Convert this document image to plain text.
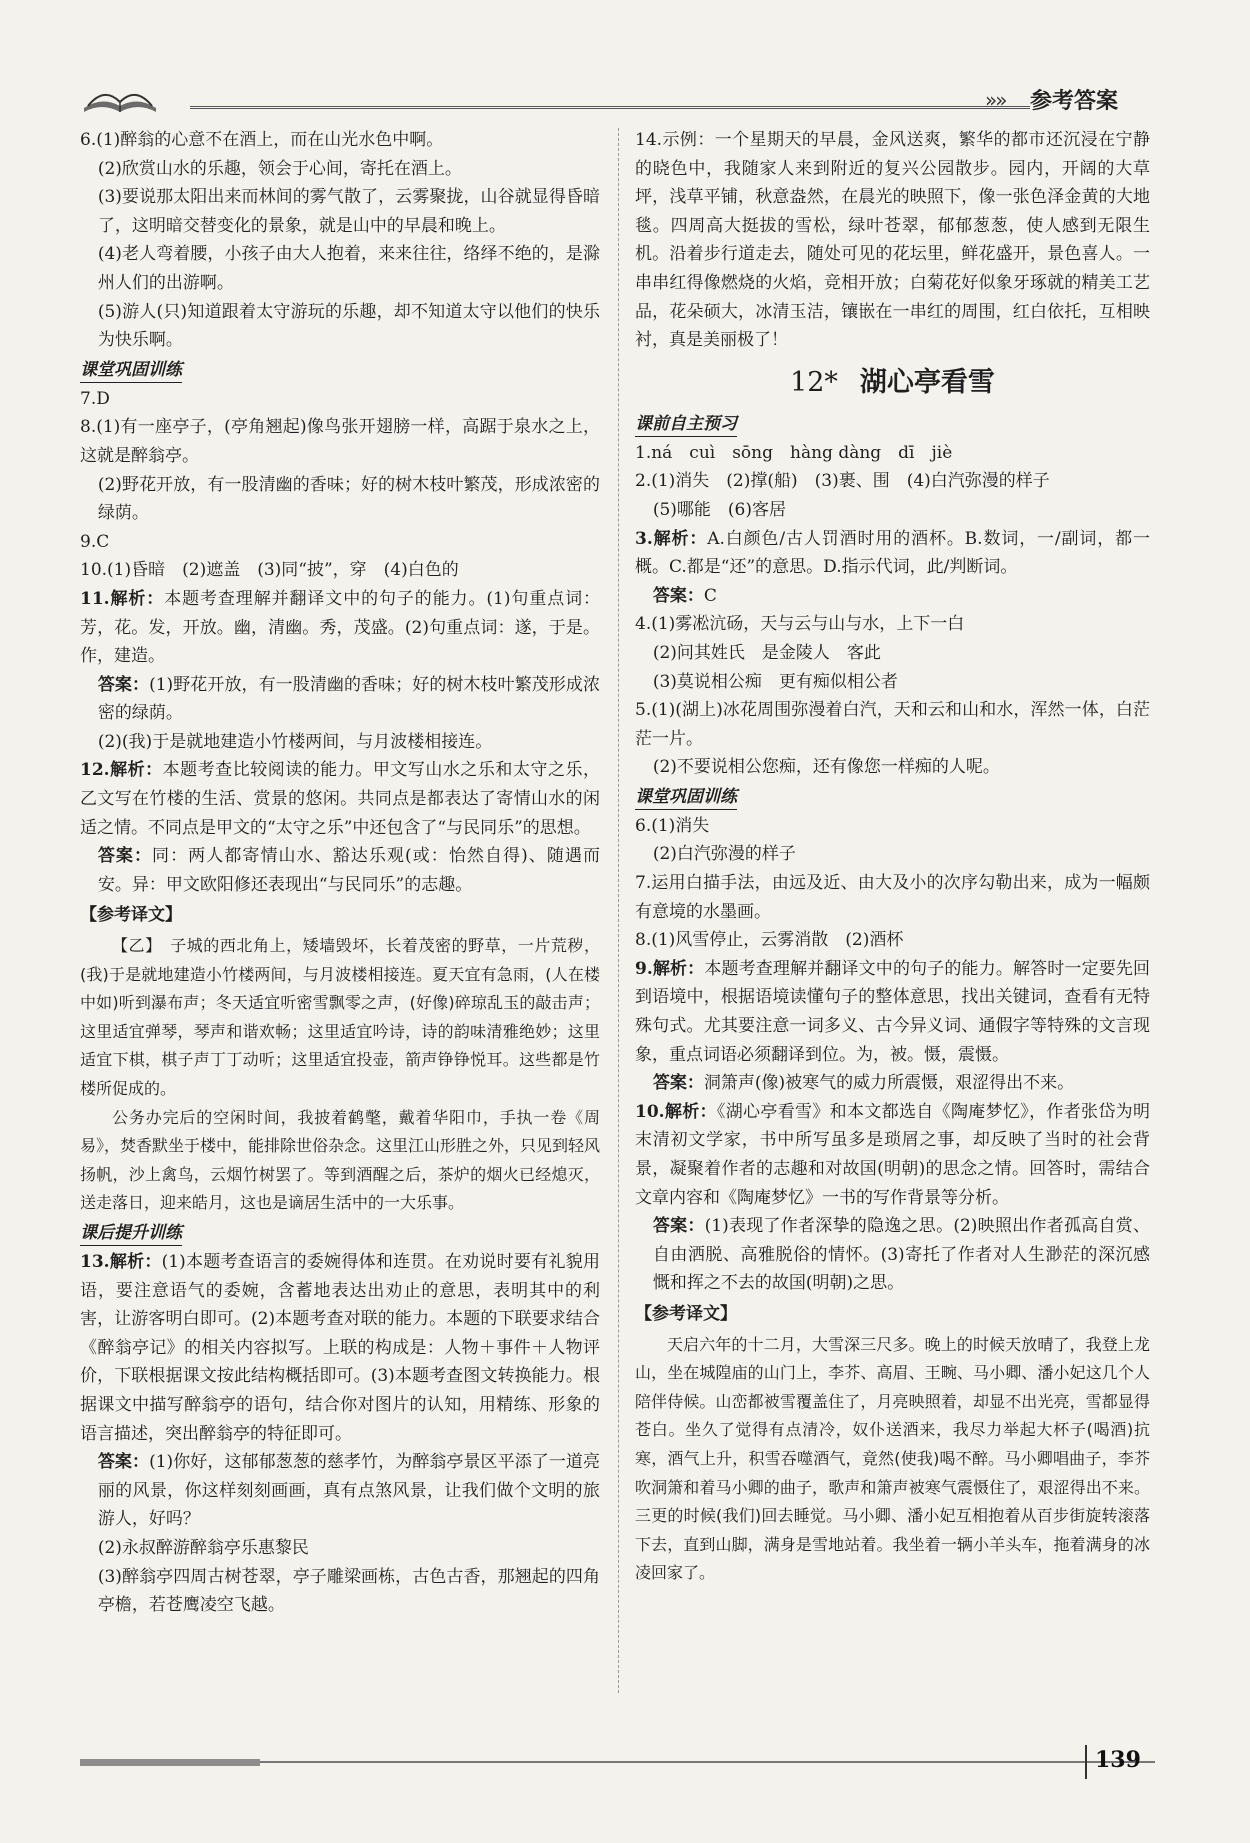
»» 参考答案

6.(1)醉翁的心意不在酒上，而在山光水色中啊。

(2)欣赏山水的乐趣，领会于心间，寄托在酒上。

(3)要说那太阳出来而林间的雾气散了，云雾聚拢，山谷就显得昏暗了，这明暗交替变化的景象，就是山中的早晨和晚上。

(4)老人弯着腰，小孩子由大人抱着，来来往往，络绎不绝的，是滁州人们的出游啊。

(5)游人(只)知道跟着太守游玩的乐趣，却不知道太守以他们的快乐为快乐啊。

课堂巩固训练

7.D

8.(1)有一座亭子，(亭角翘起)像鸟张开翅膀一样，高踞于泉水之上，这就是醉翁亭。

(2)野花开放，有一股清幽的香味；好的树木枝叶繁茂，形成浓密的绿荫。

9.C

10.(1)昏暗　(2)遮盖　(3)同“披”，穿　(4)白色的

11.解析：本题考查理解并翻译文中的句子的能力。(1)句重点词：芳，花。发，开放。幽，清幽。秀，茂盛。(2)句重点词：遂，于是。作，建造。

答案：(1)野花开放，有一股清幽的香味；好的树木枝叶繁茂形成浓密的绿荫。

(2)(我)于是就地建造小竹楼两间，与月波楼相接连。

12.解析：本题考查比较阅读的能力。甲文写山水之乐和太守之乐，乙文写在竹楼的生活、赏景的悠闲。共同点是都表达了寄情山水的闲适之情。不同点是甲文的“太守之乐”中还包含了“与民同乐”的思想。

答案：同：两人都寄情山水、豁达乐观(或：怡然自得)、随遇而安。异：甲文欧阳修还表现出“与民同乐”的志趣。

【参考译文】

【乙】　子城的西北角上，矮墙毁坏，长着茂密的野草，一片荒秽，(我)于是就地建造小竹楼两间，与月波楼相接连。夏天宜有急雨，(人在楼中如)听到瀑布声；冬天适宜听密雪飘零之声，(好像)碎琼乱玉的敲击声；这里适宜弹琴，琴声和谐欢畅；这里适宜吟诗，诗的韵味清雅绝妙；这里适宜下棋，棋子声丁丁动听；这里适宜投壶，箭声铮铮悦耳。这些都是竹楼所促成的。

公务办完后的空闲时间，我披着鹤氅，戴着华阳巾，手执一卷《周易》，焚香默坐于楼中，能排除世俗杂念。这里江山形胜之外，只见到轻风扬帆，沙上禽鸟，云烟竹树罢了。等到酒醒之后，茶炉的烟火已经熄灭，送走落日，迎来皓月，这也是谪居生活中的一大乐事。

课后提升训练

13.解析：(1)本题考查语言的委婉得体和连贯。在劝说时要有礼貌用语，要注意语气的委婉，含蓄地表达出劝止的意思，表明其中的利害，让游客明白即可。(2)本题考查对联的能力。本题的下联要求结合《醉翁亭记》的相关内容拟写。上联的构成是：人物＋事件＋人物评价，下联根据课文按此结构概括即可。(3)本题考查图文转换能力。根据课文中描写醉翁亭的语句，结合你对图片的认知，用精练、形象的语言描述，突出醉翁亭的特征即可。

答案：(1)你好，这郁郁葱葱的慈孝竹，为醉翁亭景区平添了一道亮丽的风景，你这样刻刻画画，真有点煞风景，让我们做个文明的旅游人，好吗？

(2)永叔醉游醉翁亭乐惠黎民

(3)醉翁亭四周古树苍翠，亭子雕梁画栋，古色古香，那翘起的四角亭檐，若苍鹰凌空飞越。

14.示例：一个星期天的早晨，金风送爽，繁华的都市还沉浸在宁静的晓色中，我随家人来到附近的复兴公园散步。园内，开阔的大草坪，浅草平铺，秋意盎然，在晨光的映照下，像一张色泽金黄的大地毯。四周高大挺拔的雪松，绿叶苍翠，郁郁葱葱，使人感到无限生机。沿着步行道走去，随处可见的花坛里，鲜花盛开，景色喜人。一串串红得像燃烧的火焰，竞相开放；白菊花好似象牙琢就的精美工艺品，花朵硕大，冰清玉洁，镶嵌在一串红的周围，红白依托，互相映衬，真是美丽极了！

12* 湖心亭看雪
课前自主预习

1.ná　cuì　sōng　hàng dàng　dī　jiè

2.(1)消失　(2)撑(船)　(3)裹、围　(4)白汽弥漫的样子

(5)哪能　(6)客居

3.解析：A.白颜色/古人罚酒时用的酒杯。B.数词，一/副词，都一概。C.都是“还”的意思。D.指示代词，此/判断词。

答案：C

4.(1)雾凇沆砀，天与云与山与水，上下一白

(2)问其姓氏　是金陵人　客此

(3)莫说相公痴　更有痴似相公者

5.(1)(湖上)冰花周围弥漫着白汽，天和云和山和水，浑然一体，白茫茫一片。

(2)不要说相公您痴，还有像您一样痴的人呢。

课堂巩固训练

6.(1)消失

(2)白汽弥漫的样子

7.运用白描手法，由远及近、由大及小的次序勾勒出来，成为一幅颇有意境的水墨画。

8.(1)风雪停止，云雾消散　(2)酒杯

9.解析：本题考查理解并翻译文中的句子的能力。解答时一定要先回到语境中，根据语境读懂句子的整体意思，找出关键词，查看有无特殊句式。尤其要注意一词多义、古今异义词、通假字等特殊的文言现象，重点词语必须翻译到位。为，被。慑，震慑。

答案：洞箫声(像)被寒气的威力所震慑，艰涩得出不来。

10.解析：《湖心亭看雪》和本文都选自《陶庵梦忆》，作者张岱为明末清初文学家，书中所写虽多是琐屑之事，却反映了当时的社会背景，凝聚着作者的志趣和对故国(明朝)的思念之情。回答时，需结合文章内容和《陶庵梦忆》一书的写作背景等分析。

答案：(1)表现了作者深挚的隐逸之思。(2)映照出作者孤高自赏、自由洒脱、高雅脱俗的情怀。(3)寄托了作者对人生渺茫的深沉感慨和挥之不去的故国(明朝)之思。

【参考译文】

天启六年的十二月，大雪深三尺多。晚上的时候天放晴了，我登上龙山，坐在城隍庙的山门上，李芥、高眉、王畹、马小卿、潘小妃这几个人陪伴侍候。山峦都被雪覆盖住了，月亮映照着，却显不出光亮，雪都显得苍白。坐久了觉得有点清冷，奴仆送酒来，我尽力举起大杯子(喝酒)抗寒，酒气上升，积雪吞噬酒气，竟然(使我)喝不醉。马小卿唱曲子，李芥吹洞箫和着马小卿的曲子，歌声和箫声被寒气震慑住了，艰涩得出不来。三更的时候(我们)回去睡觉。马小卿、潘小妃互相抱着从百步街旋转滚落下去，直到山脚，满身是雪地站着。我坐着一辆小羊头车，拖着满身的冰凌回家了。

139
